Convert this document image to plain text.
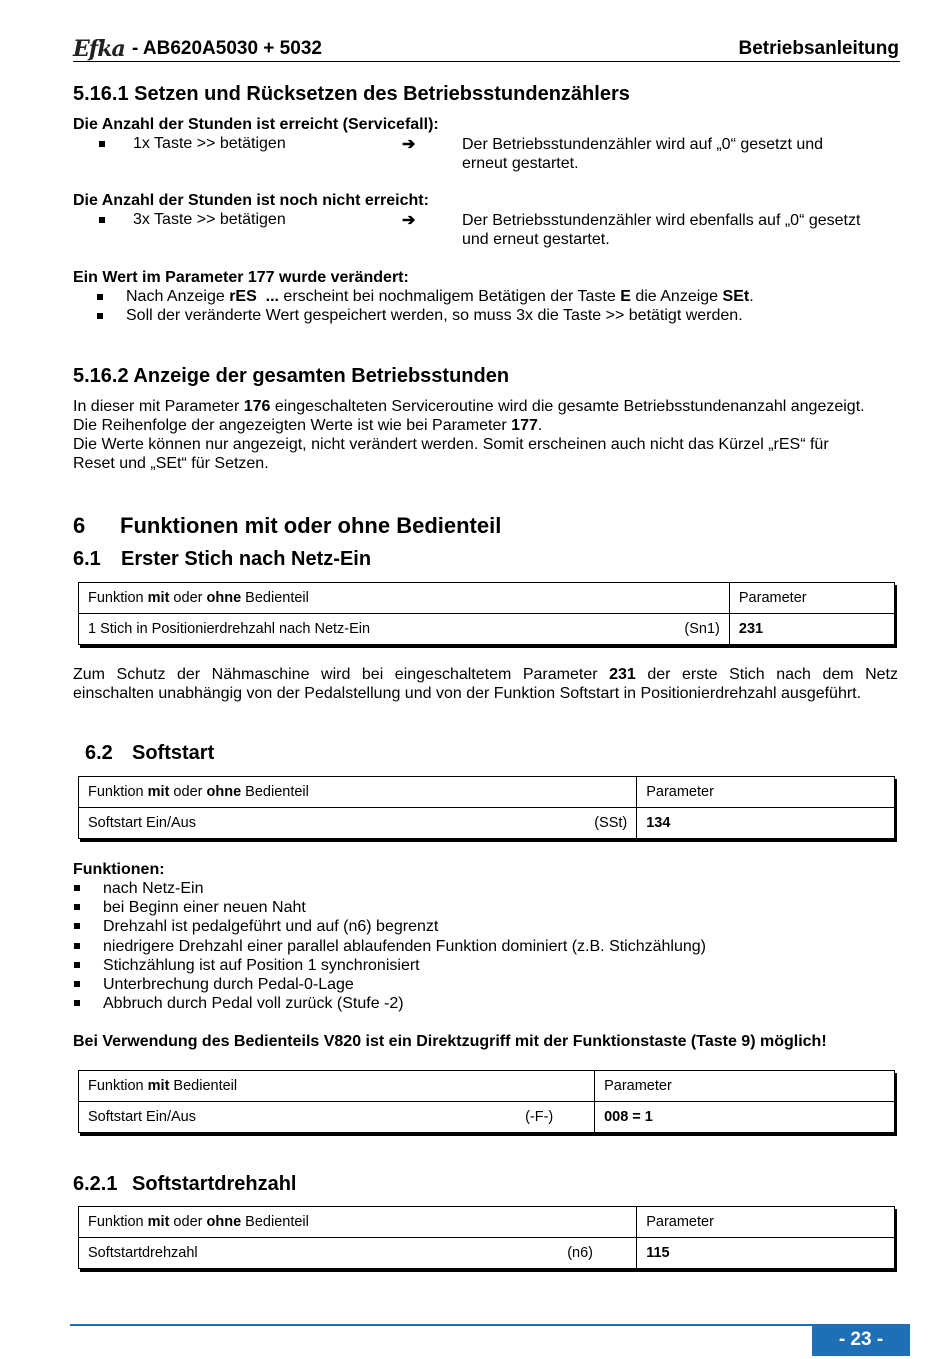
Efka - AB620A5030 + 5032	Betriebsanleitung
5.16.1 Setzen und Rücksetzen des Betriebsstundenzählers
Die Anzahl der Stunden ist erreicht (Servicefall):
1x Taste >> betätigen	➔	Der Betriebsstundenzähler wird auf „0“ gesetzt und
erneut gestartet.
Die Anzahl der Stunden ist noch nicht erreicht:
3x Taste >> betätigen	➔	Der Betriebsstundenzähler wird ebenfalls auf „0“ gesetzt
und erneut gestartet.
Ein Wert im Parameter 177 wurde verändert:
Nach Anzeige rES  ... erscheint bei nochmaligem Betätigen der Taste E die Anzeige SEt.
Soll der veränderte Wert gespeichert werden, so muss 3x die Taste >> betätigt werden.
5.16.2 Anzeige der gesamten Betriebsstunden
In dieser mit Parameter 176 eingeschalteten Serviceroutine wird die gesamte Betriebsstundenanzahl angezeigt.
Die Reihenfolge der angezeigten Werte ist wie bei Parameter 177.
Die Werte können nur angezeigt, nicht verändert werden. Somit erscheinen auch nicht das Kürzel „rES“ für
Reset und „SEt“ für Setzen.
6 Funktionen mit oder ohne Bedienteil
6.1 Erster Stich nach Netz-Ein
Funktion mit oder ohne Bedienteil		Parameter
1 Stich in Positionierdrehzahl nach Netz-Ein	(Sn1)	231
Zum Schutz der Nähmaschine wird bei eingeschaltetem Parameter 231 der erste Stich nach dem Netz
einschalten unabhängig von der Pedalstellung und von der Funktion Softstart in Positionierdrehzahl ausgeführt.
6.2 Softstart
Funktion mit oder ohne Bedienteil		Parameter
Softstart Ein/Aus	(SSt)	134
Funktionen:
nach Netz-Ein
bei Beginn einer neuen Naht
Drehzahl ist pedalgeführt und auf (n6) begrenzt
niedrigere Drehzahl einer parallel ablaufenden Funktion dominiert (z.B. Stichzählung)
Stichzählung ist auf Position 1 synchronisiert
Unterbrechung durch Pedal-0-Lage
Abbruch durch Pedal voll zurück (Stufe -2)
Bei Verwendung des Bedienteils V820 ist ein Direktzugriff mit der Funktionstaste (Taste 9) möglich!
Funktion mit Bedienteil		Parameter
Softstart Ein/Aus	(-F-)	008 = 1
6.2.1 Softstartdrehzahl
Funktion mit oder ohne Bedienteil		Parameter
Softstartdrehzahl	(n6)	115
- 23 -
